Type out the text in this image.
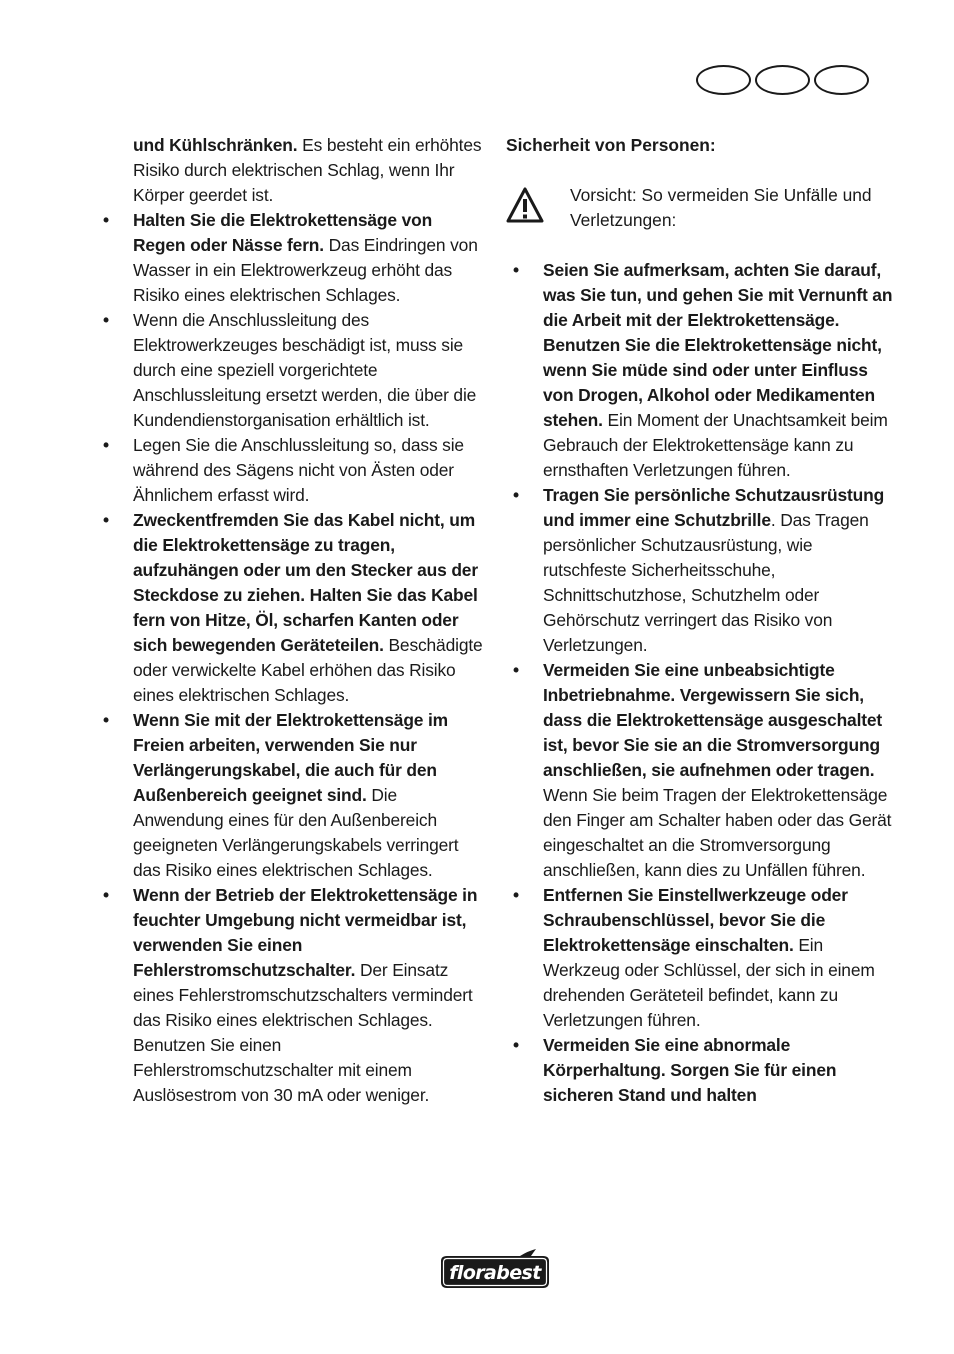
und Kühlschränken. Es besteht ein erhöhtes Risiko durch elektrischen Schlag, wenn Ihr Körper geerdet ist.

•	Halten Sie die Elektrokettensäge von Regen oder Nässe fern. Das Eindringen von Wasser in ein Elektrowerkzeug erhöht das Risiko eines elektrischen Schlages.
•	Wenn die Anschlussleitung des Elektrowerkzeuges beschädigt ist, muss sie durch eine speziell vorgerichtete Anschlussleitung ersetzt werden, die über die Kundendienstorganisation erhältlich ist.
•	Legen Sie die Anschlussleitung so, dass sie während des Sägens nicht von Ästen oder Ähnlichem erfasst wird.
•	Zweckentfremden Sie das Kabel nicht, um die Elektrokettensäge zu tragen, aufzuhängen oder um den Stecker aus der Steckdose zu ziehen. Halten Sie das Kabel fern von Hitze, Öl, scharfen Kanten oder sich bewegenden Geräteteilen. Beschädigte oder verwickelte Kabel erhöhen das Risiko eines elektrischen Schlages.
•	Wenn Sie mit der Elektrokettensäge im Freien arbeiten, verwenden Sie nur Verlängerungskabel, die auch für den Außenbereich geeignet sind. Die Anwendung eines für den Außenbereich geeigneten Verlängerungskabels verringert das Risiko eines elektrischen Schlages.
•	Wenn der Betrieb der Elektrokettensäge in feuchter Umgebung nicht vermeidbar ist, verwenden Sie einen Fehlerstromschutzschalter. Der Einsatz eines Fehlerstromschutzschalters vermindert das Risiko eines elektrischen Schlages. Benutzen Sie einen Fehlerstromschutzschalter mit einem Auslösestrom von 30 mA oder weniger.

Sicherheit von Personen:

Vorsicht: So vermeiden Sie Unfälle und Verletzungen:
•	Seien Sie aufmerksam, achten Sie darauf, was Sie tun, und gehen Sie mit Vernunft an die Arbeit mit der Elektrokettensäge. Benutzen Sie die Elektrokettensäge nicht, wenn Sie müde sind oder unter Einfluss von Drogen, Alkohol oder Medikamenten stehen. Ein Moment der Unachtsamkeit beim Gebrauch der Elektrokettensäge kann zu ernsthaften Verletzungen führen.
•	Tragen Sie persönliche Schutzausrüstung und immer eine Schutzbrille. Das Tragen persönlicher Schutzausrüstung, wie rutschfeste Sicherheitsschuhe, Schnittschutzhose, Schutzhelm oder Gehörschutz verringert das Risiko von Verletzungen.
•	Vermeiden Sie eine unbeabsichtigte Inbetriebnahme. Vergewissern Sie sich, dass die Elektrokettensäge ausgeschaltet ist, bevor Sie sie an die Stromversorgung anschließen, sie aufnehmen oder tragen. Wenn Sie beim Tragen der Elektrokettensäge den Finger am Schalter haben oder das Gerät eingeschaltet an die Stromversorgung anschließen, kann dies zu Unfällen führen.
•	Entfernen Sie Einstellwerkzeuge oder Schraubenschlüssel, bevor Sie die Elektrokettensäge einschalten. Ein Werkzeug oder Schlüssel, der sich in einem drehenden Geräteteil befindet, kann zu Verletzungen führen.
•	Vermeiden Sie eine abnormale Körperhaltung. Sorgen Sie für einen sicheren Stand und halten
florabest
